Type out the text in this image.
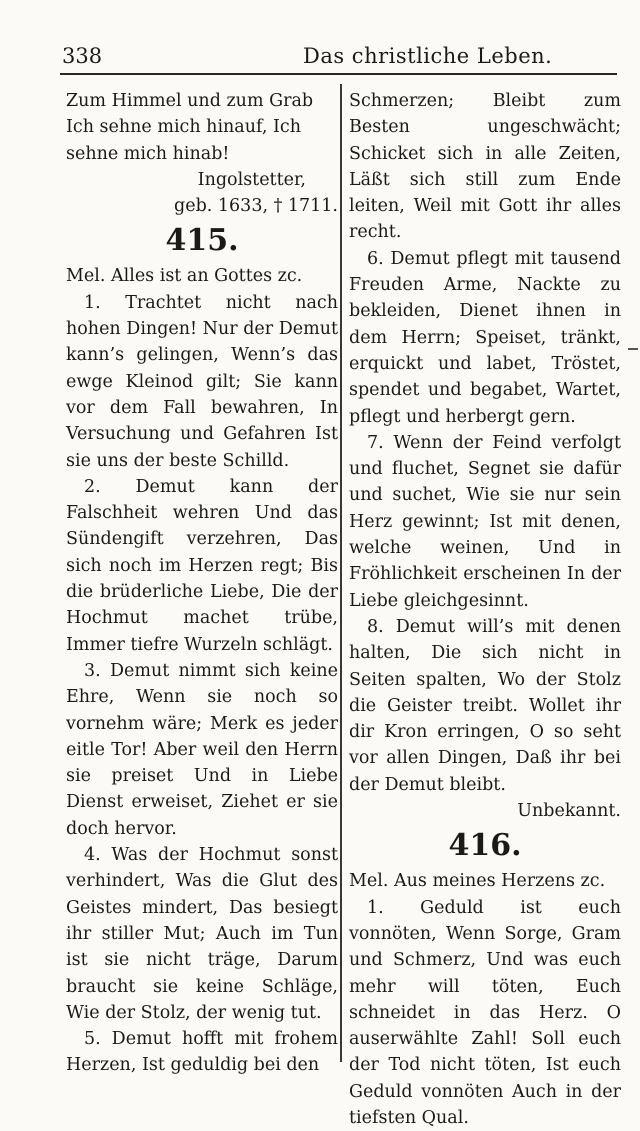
338	Das christliche Leben.
Zum Himmel und zum Grab
Ich sehne mich hinauf, Ich
sehne mich hinab!
Ingolstetter,
geb. 1633, † 1711.
415.
Mel. Alles ist an Gottes zc.

1. Trachtet nicht nach hohen Dingen! Nur der Demut kann’s gelingen, Wenn’s das ewge Kleinod gilt; Sie kann vor dem Fall bewahren, In Versuchung und Gefahren Ist sie uns der beste Schilld.

2. Demut kann der Falschheit wehren Und das Sündengift verzehren, Das sich noch im Herzen regt; Bis die brüderliche Liebe, Die der Hochmut machet trübe, Immer tiefre Wurzeln schlägt.

3. Demut nimmt sich keine Ehre, Wenn sie noch so vornehm wäre; Merk es jeder eitle Tor! Aber weil den Herrn sie preiset Und in Liebe Dienst erweiset, Ziehet er sie doch hervor.

4. Was der Hochmut sonst verhindert, Was die Glut des Geistes mindert, Das besiegt ihr stiller Mut; Auch im Tun ist sie nicht träge, Darum braucht sie keine Schläge, Wie der Stolz, der wenig tut.

5. Demut hofft mit frohem Herzen, Ist geduldig bei den

Schmerzen; Bleibt zum Besten ungeschwächt; Schicket sich in alle Zeiten, Läßt sich still zum Ende leiten, Weil mit Gott ihr alles recht.

6. Demut pflegt mit tausend Freuden Arme, Nackte zu bekleiden, Dienet ihnen in dem Herrn; Speiset, tränkt, erquickt und labet, Tröstet, spendet und begabet, Wartet, pflegt und herbergt gern.

7. Wenn der Feind verfolgt und fluchet, Segnet sie dafür und suchet, Wie sie nur sein Herz gewinnt; Ist mit denen, welche weinen, Und in Fröhlichkeit erscheinen In der Liebe gleichgesinnt.

8. Demut will’s mit denen halten, Die sich nicht in Seiten spalten, Wo der Stolz die Geister treibt. Wollet ihr dir Kron erringen, O so seht vor allen Dingen, Daß ihr bei der Demut bleibt.

Unbekannt.
416.
Mel. Aus meines Herzens zc.

1. Geduld ist euch vonnöten, Wenn Sorge, Gram und Schmerz, Und was euch mehr will töten, Euch schneidet in das Herz. O auserwählte Zahl! Soll euch der Tod nicht töten, Ist euch Geduld vonnöten Auch in der tiefsten Qual.
